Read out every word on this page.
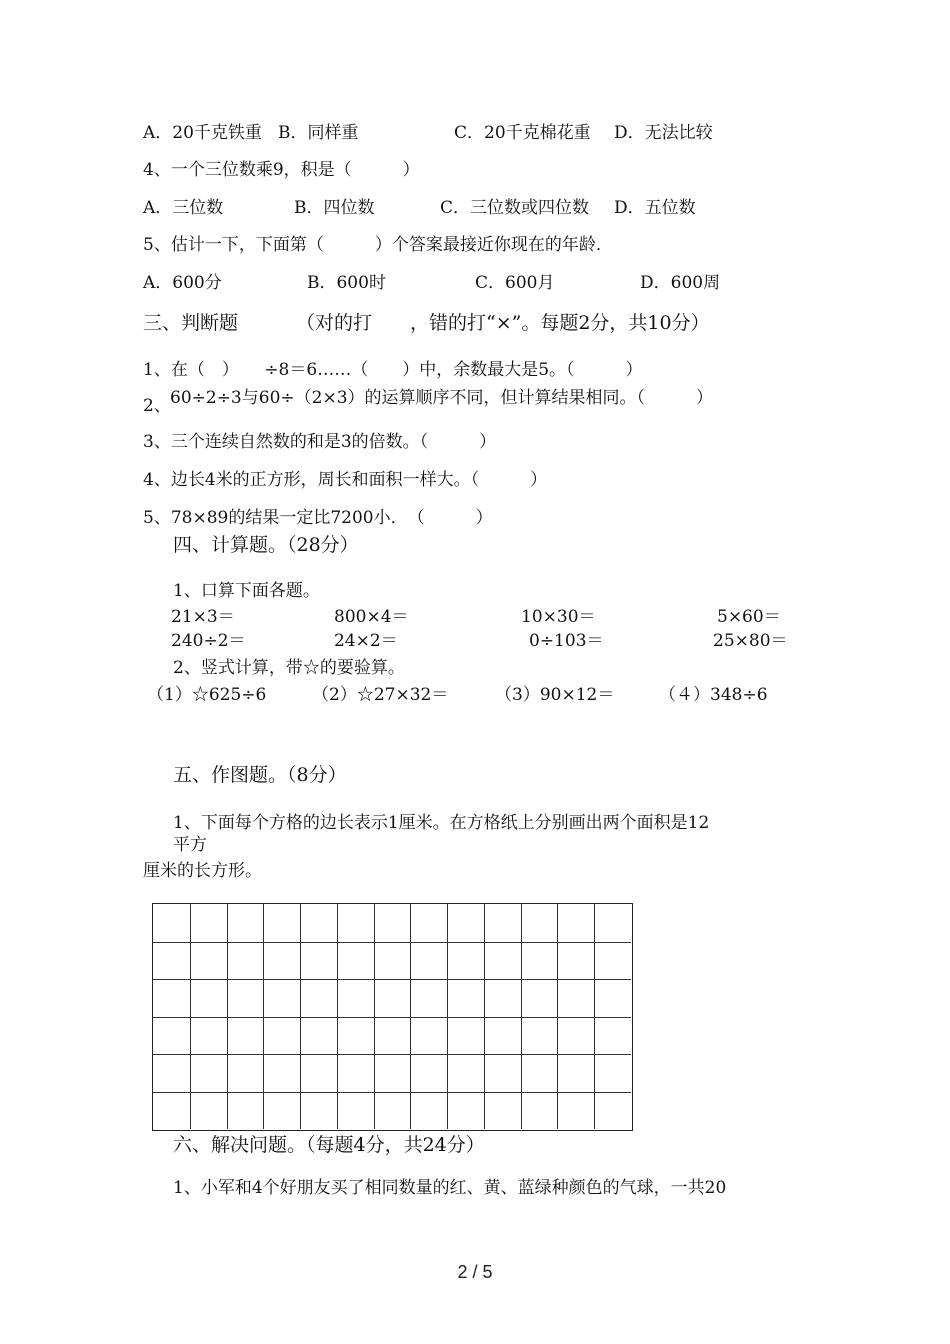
A．20千克铁重 B．同样重	C．20千克棉花重 D．无法比较
4、一个三位数乘9，积是（　　　）
A．三位数	B．四位数	C．三位数或四位数 D．五位数
5、估计一下，下面第（　　　）个答案最接近你现在的年龄．
A．600分	B．600时	C．600月	D．600周
三、判断题	（对的打　　，错的打“×”。每题2分，共10分）
1、在（　）　　÷8＝6……（　　）中，余数最大是5。（　　　）
2、 60÷2÷3与60÷（2×3）的运算顺序不同，但计算结果相同。（　　　）
3、三个连续自然数的和是3的倍数。（　　　）
4、边长4米的正方形，周长和面积一样大。（　　　）
5、78×89的结果一定比7200小．　（　　　）
四、计算题。（28分）
1、口算下面各题。
21×3＝	800×4＝	10×30＝	5×60＝
240÷2＝	24×2＝	0÷103＝	25×80＝
2、竖式计算，带☆的要验算。
（1）☆625÷6	（2）☆27×32＝	（3）90×12＝	（４）348÷6
五、作图题。（8分）
1、下面每个方格的边长表示1厘米。在方格纸上分别画出两个面积是12
平方
厘米的长方形。
六、解决问题。（每题4分，共24分）
1、小军和4个好朋友买了相同数量的红、黄、蓝绿种颜色的气球，一共20
2 / 5
